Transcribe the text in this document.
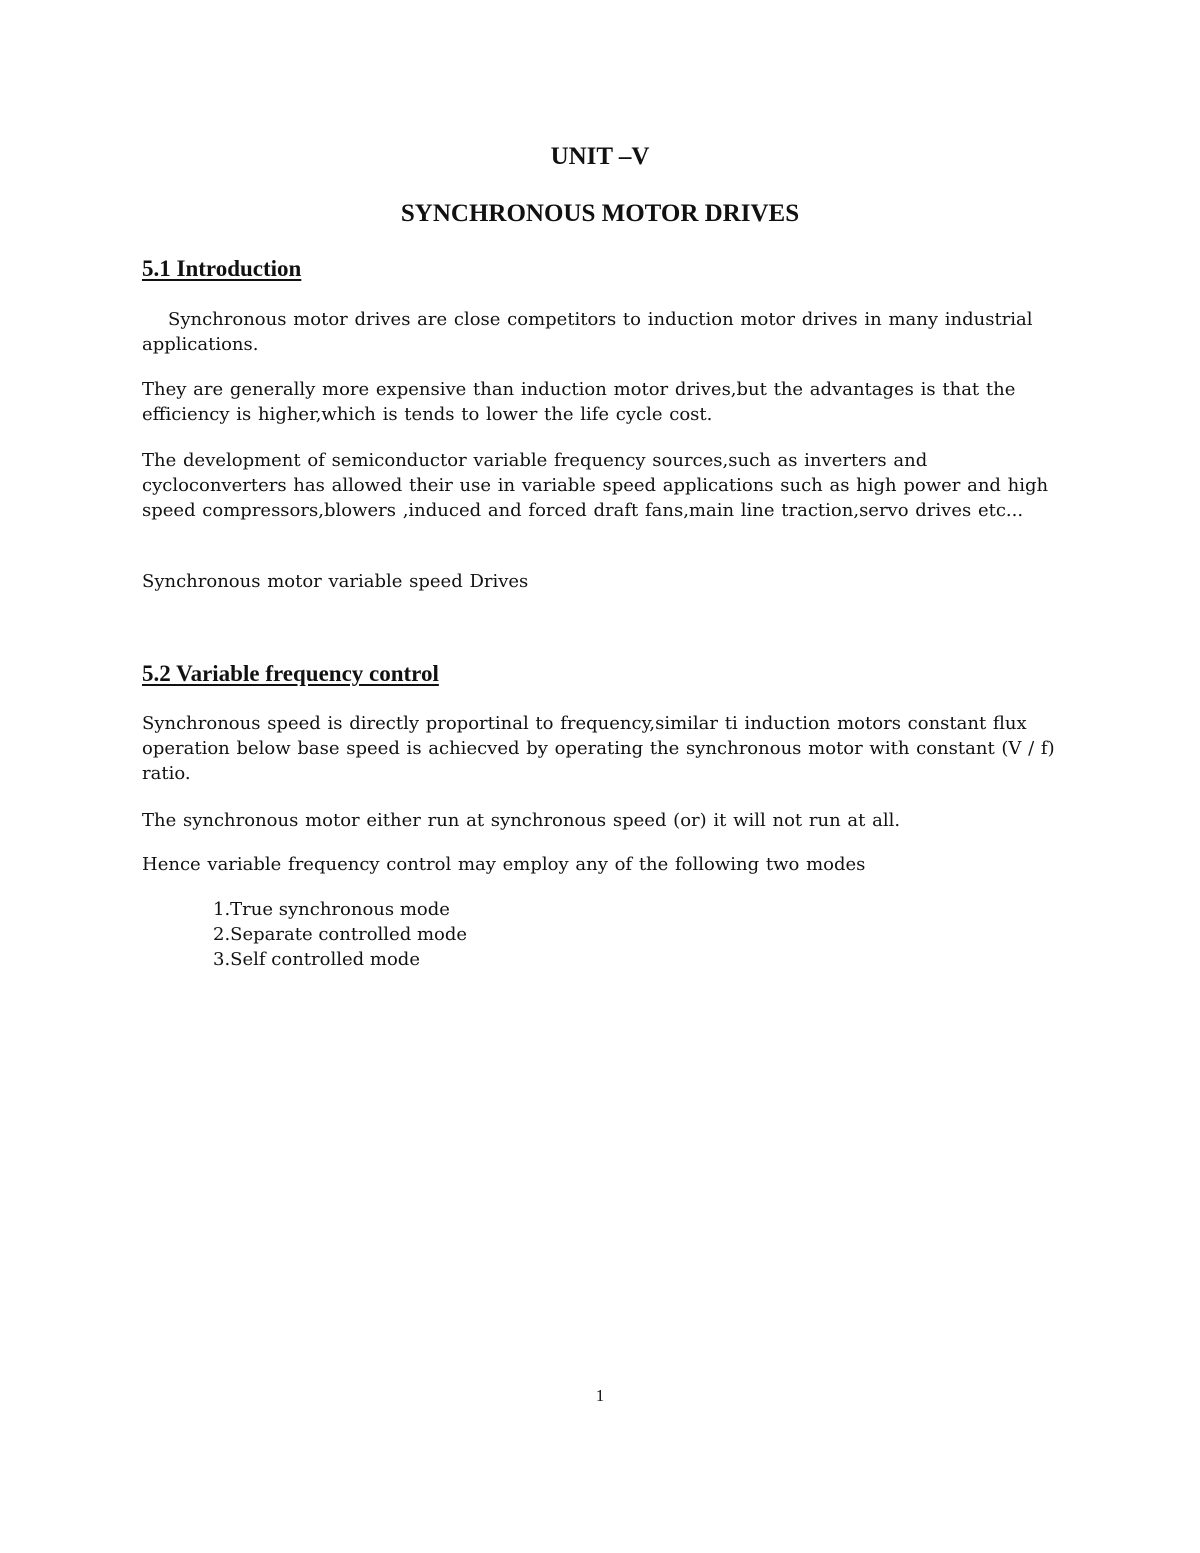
UNIT –V
SYNCHRONOUS MOTOR DRIVES
5.1 Introduction

Synchronous motor drives are close competitors to induction motor drives in many industrial applications.

They are generally more expensive than induction motor drives,but the advantages is that the efficiency is higher,which is tends to lower the life cycle cost.

The development of semiconductor variable frequency sources,such as inverters and cycloconverters has allowed their use in variable speed applications such as high power and high speed compressors,blowers ,induced and forced draft fans,main line traction,servo drives etc...

Synchronous motor variable speed Drives

5.2 Variable frequency control

Synchronous speed is directly proportinal to frequency,similar ti induction motors constant flux operation below base speed is achiecved by operating the synchronous motor with constant (V / f) ratio.

The synchronous motor either run at synchronous speed (or) it will not run at all.

Hence variable frequency control may employ any of the following two modes

1.True synchronous mode
2.Separate controlled mode
3.Self controlled mode
1
